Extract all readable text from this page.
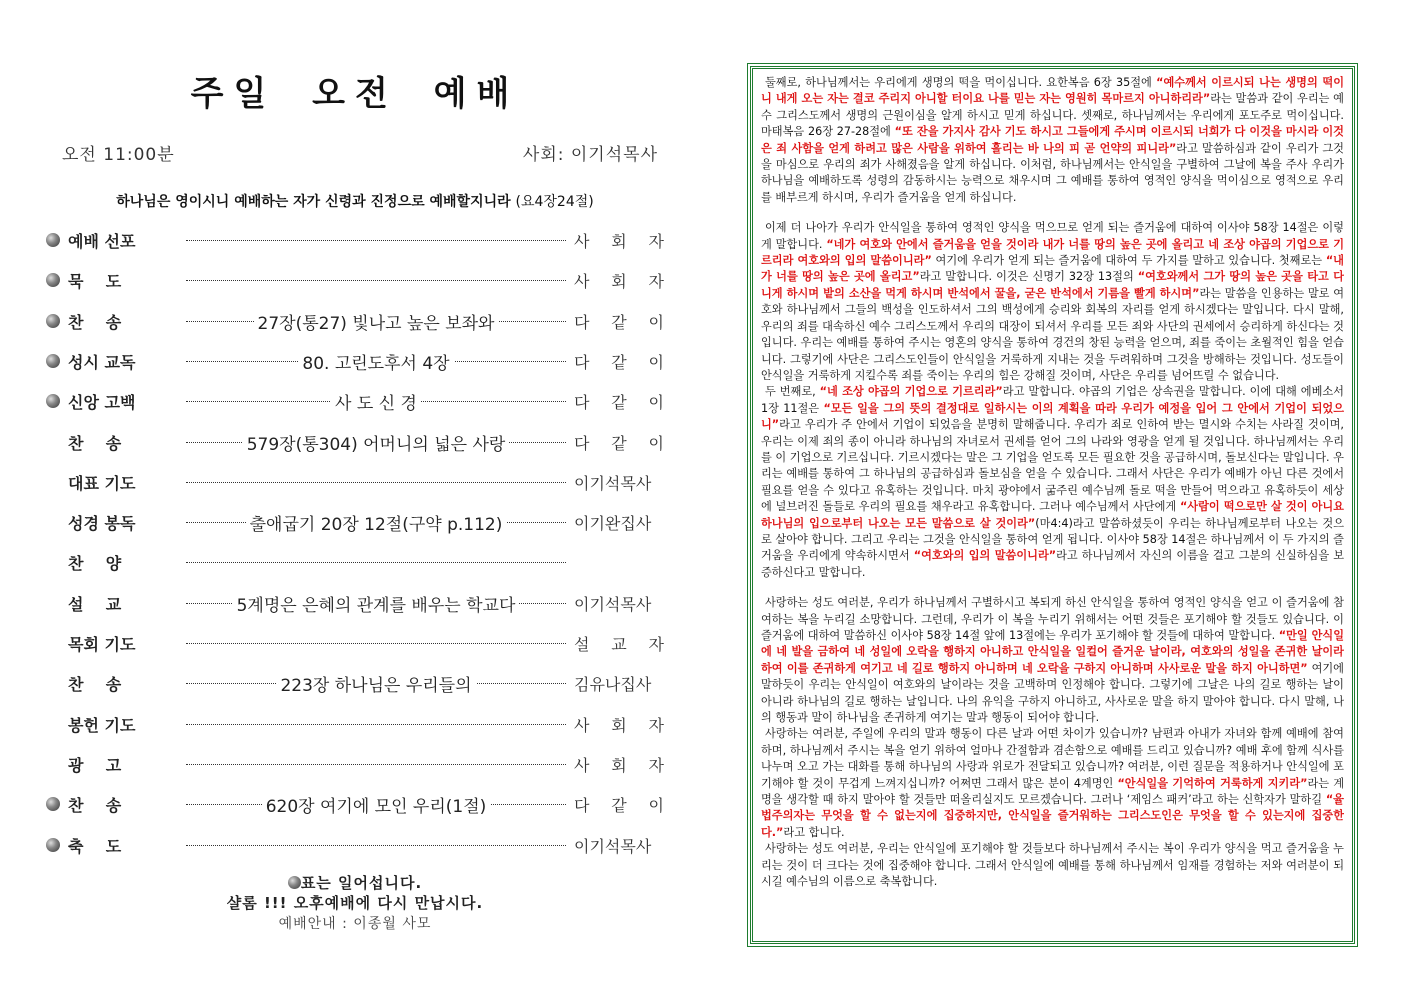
주일 오전 예배
오전 11:00분	사회: 이기석목사
하나님은 영이시니 예배하는 자가 신령과 진정으로 예배할지니라 (요4장24절)
예배 선포	사 회 자
묵    도	사 회 자
찬    송	27장(통27) 빛나고 높은 보좌와	다 같 이
성시 교독	80. 고린도후서 4장	다 같 이
신앙 고백	사 도 신 경	다 같 이
찬    송	579장(통304) 어머니의 넓은 사랑	다 같 이
대표 기도	이기석목사
성경 봉독	출애굽기 20장 12절(구약 p.112)	이기완집사
찬    양
설    교	5계명은 은혜의 관계를 배우는 학교다	이기석목사
목회 기도	설 교 자
찬    송	223장 하나님은 우리들의	김유나집사
봉헌 기도	사 회 자
광    고	사 회 자
찬    송	620장 여기에 모인 우리(1절)	다 같 이
축    도	이기석목사
표는 일어섭니다.
샬롬 !!! 오후예배에 다시 만납시다.
예배안내 : 이종월 사모

둘째로, 하나님께서는 우리에게 생명의 떡을 먹이십니다. 요한복음 6장 35절에 “예수께서 이르시되 나는 생명의 떡이니 내게 오는 자는 결코 주리지 아니할 터이요 나를 믿는 자는 영원히 목마르지 아니하리라”라는 말씀과 같이 우리는 예수 그리스도께서 생명의 근원이심을 알게 하시고 믿게 하십니다. 셋째로, 하나님께서는 우리에게 포도주로 먹이십니다. 마태복음 26장 27-28절에 “또 잔을 가지사 감사 기도 하시고 그들에게 주시며 이르시되 너희가 다 이것을 마시라 이것은 죄 사함을 얻게 하려고 많은 사람을 위하여 흘리는 바 나의 피 곧 언약의 피니라”라고 말씀하심과 같이 우리가 그것을 마심으로 우리의 죄가 사해졌음을 알게 하십니다. 이처럼, 하나님께서는 안식일을 구별하여 그날에 복을 주사 우리가 하나님을 예배하도록 성령의 감동하시는 능력으로 채우시며 그 예배를 통하여 영적인 양식을 먹이심으로 영적으로 우리를 배부르게 하시며, 우리가 즐거움을 얻게 하십니다.

이제 더 나아가 우리가 안식일을 통하여 영적인 양식을 먹으므로 얻게 되는 즐거움에 대하여 이사야 58장 14절은 이렇게 말합니다. “네가 여호와 안에서 즐거움을 얻을 것이라 내가 너를 땅의 높은 곳에 올리고 네 조상 야곱의 기업으로 기르리라 여호와의 입의 말씀이니라” 여기에 우리가 얻게 되는 즐거움에 대하여 두 가지를 말하고 있습니다. 첫째로는 “내가 너를 땅의 높은 곳에 올리고”라고 말합니다. 이것은 신명기 32장 13절의 “여호와께서 그가 땅의 높은 곳을 타고 다니게 하시며 밭의 소산을 먹게 하시며 반석에서 꿀을, 굳은 반석에서 기름을 빨게 하시며”라는 말씀을 인용하는 말로 여호와 하나님께서 그들의 백성을 인도하셔서 그의 백성에게 승리와 회복의 자리를 얻게 하시겠다는 말입니다. 다시 말해, 우리의 죄를 대속하신 예수 그리스도께서 우리의 대장이 되셔서 우리를 모든 죄와 사단의 권세에서 승리하게 하신다는 것입니다. 우리는 예배를 통하여 주시는 영혼의 양식을 통하여 경건의 창된 능력을 얻으며, 죄를 죽이는 초월적인 힘을 얻습니다. 그렇기에 사단은 그리스도인들이 안식일을 거룩하게 지내는 것을 두려워하며 그것을 방해하는 것입니다. 성도들이 안식일을 거룩하게 지킬수록 죄를 죽이는 우리의 힘은 강해질 것이며, 사단은 우리를 넘어뜨릴 수 없습니다.

두 번째로, “네 조상 야곱의 기업으로 기르리라”라고 말합니다. 야곱의 기업은 상속권을 말합니다. 이에 대해 에베소서 1장 11절은 “모든 일을 그의 뜻의 결정대로 일하시는 이의 계획을 따라 우리가 예정을 입어 그 안에서 기업이 되었으니”라고 우리가 주 안에서 기업이 되었음을 분명히 말해줍니다. 우리가 죄로 인하여 받는 멸시와 수치는 사라질 것이며, 우리는 이제 죄의 종이 아니라 하나님의 자녀로서 권세를 얻어 그의 나라와 영광을 얻게 될 것입니다. 하나님께서는 우리를 이 기업으로 기르십니다. 기르시겠다는 말은 그 기업을 얻도록 모든 필요한 것을 공급하시며, 돌보신다는 말입니다. 우리는 예배를 통하여 그 하나님의 공급하심과 돌보심을 얻을 수 있습니다. 그래서 사단은 우리가 예배가 아닌 다른 것에서 필요를 얻을 수 있다고 유혹하는 것입니다. 마치 광야에서 굶주린 예수님께 돌로 떡을 만들어 먹으라고 유혹하듯이 세상에 널브러진 돌들로 우리의 필요를 채우라고 유혹합니다. 그러나 예수님께서 사단에게 “사람이 떡으로만 살 것이 아니요 하나님의 입으로부터 나오는 모든 말씀으로 살 것이라”(마4:4)라고 말씀하셨듯이 우리는 하나님께로부터 나오는 것으로 살아야 합니다. 그리고 우리는 그것을 안식일을 통하여 얻게 됩니다. 이사야 58장 14절은 하나님께서 이 두 가지의 즐거움을 우리에게 약속하시면서 “여호와의 입의 말씀이니라”라고 하나님께서 자신의 이름을 걸고 그분의 신실하심을 보증하신다고 말합니다.

사랑하는 성도 여러분, 우리가 하나님께서 구별하시고 복되게 하신 안식일을 통하여 영적인 양식을 얻고 이 즐거움에 참여하는 복을 누리길 소망합니다. 그런데, 우리가 이 복을 누리기 위해서는 어떤 것들은 포기해야 할 것들도 있습니다. 이 즐거움에 대하여 말씀하신 이사야 58장 14절 앞에 13절에는 우리가 포기해야 할 것들에 대하여 말합니다. “만일 안식일에 네 발을 금하여 네 성일에 오락을 행하지 아니하고 안식일을 일컬어 즐거운 날이라, 여호와의 성일을 존귀한 날이라 하여 이를 존귀하게 여기고 네 길로 행하지 아니하며 네 오락을 구하지 아니하며 사사로운 말을 하지 아니하면” 여기에 말하듯이 우리는 안식일이 여호와의 날이라는 것을 고백하며 인정해야 합니다. 그렇기에 그날은 나의 길로 행하는 날이 아니라 하나님의 길로 행하는 날입니다. 나의 유익을 구하지 아니하고, 사사로운 말을 하지 말아야 합니다. 다시 말해, 나의 행동과 말이 하나님을 존귀하게 여기는 말과 행동이 되어야 합니다.

사랑하는 여러분, 주일에 우리의 말과 행동이 다른 날과 어떤 차이가 있습니까? 남편과 아내가 자녀와 함께 예배에 참여하며, 하나님께서 주시는 복을 얻기 위하여 얼마나 간절함과 겸손함으로 예배를 드리고 있습니까? 예배 후에 함께 식사를 나누며 오고 가는 대화를 통해 하나님의 사랑과 위로가 전달되고 있습니까? 여러분, 이런 질문을 적용하거나 안식일에 포기해야 할 것이 무겁게 느껴지십니까? 어쩌면 그래서 많은 분이 4계명인 “안식일을 기억하여 거룩하게 지키라”라는 계명을 생각할 때 하지 말아야 할 것들만 떠올리실지도 모르겠습니다. 그러나 ‘제임스 패커’라고 하는 신학자가 말하길 “율법주의자는 무엇을 할 수 없는지에 집중하지만, 안식일을 즐거워하는 그리스도인은 무엇을 할 수 있는지에 집중한다.”라고 합니다.

사랑하는 성도 여러분, 우리는 안식일에 포기해야 할 것들보다 하나님께서 주시는 복이 우리가 양식을 먹고 즐거움을 누리는 것이 더 크다는 것에 집중해야 합니다. 그래서 안식일에 예배를 통해 하나님께서 임재를 경험하는 저와 여러분이 되시길 예수님의 이름으로 축복합니다.
